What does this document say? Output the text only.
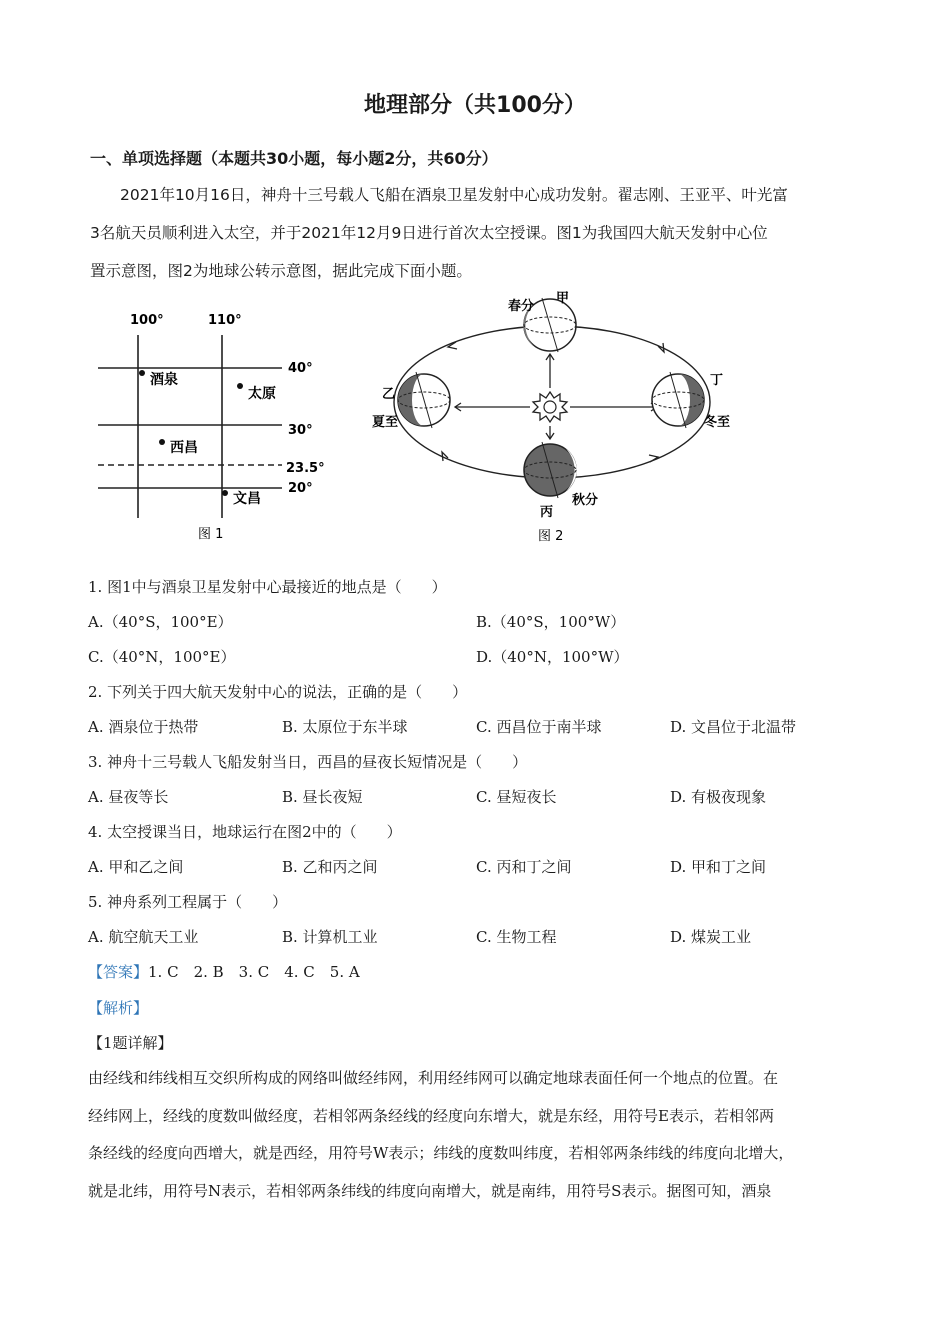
地理部分（共100分）
一、单项选择题（本题共30小题，每小题2分，共60分）

2021年10月16日，神舟十三号载人飞船在酒泉卫星发射中心成功发射。翟志刚、王亚平、叶光富

3名航天员顺利进入太空，并于2021年12月9日进行首次太空授课。图1为我国四大航天发射中心位

置示意图，图2为地球公转示意图，据此完成下面小题。

100°	110°
40°
30°
23.5°
20°
酒泉
太原
西昌
文昌
图 1
甲
春分
乙
夏至
丙
秋分
丁
冬至
图 2
1. 图1中与酒泉卫星发射中心最接近的地点是（　　）
A.（40°S，100°E）	B.（40°S，100°W）
C.（40°N，100°E）	D.（40°N，100°W）
2. 下列关于四大航天发射中心的说法，正确的是（　　）
A. 酒泉位于热带	B. 太原位于东半球	C. 西昌位于南半球	D. 文昌位于北温带
3. 神舟十三号载人飞船发射当日，西昌的昼夜长短情况是（　　）
A. 昼夜等长	B. 昼长夜短	C. 昼短夜长	D. 有极夜现象
4. 太空授课当日，地球运行在图2中的（　　）
A. 甲和乙之间	B. 乙和丙之间	C. 丙和丁之间	D. 甲和丁之间
5. 神舟系列工程属于（　　）
A. 航空航天工业	B. 计算机工业	C. 生物工程	D. 煤炭工业
【答案】1. C　2. B　3. C　4. C　5. A
【解析】
【1题详解】
由经线和纬线相互交织所构成的网络叫做经纬网，利用经纬网可以确定地球表面任何一个地点的位置。在
经纬网上，经线的度数叫做经度，若相邻两条经线的经度向东增大，就是东经，用符号E表示，若相邻两
条经线的经度向西增大，就是西经，用符号W表示；纬线的度数叫纬度，若相邻两条纬线的纬度向北增大，
就是北纬，用符号N表示，若相邻两条纬线的纬度向南增大，就是南纬，用符号S表示。据图可知，酒泉
